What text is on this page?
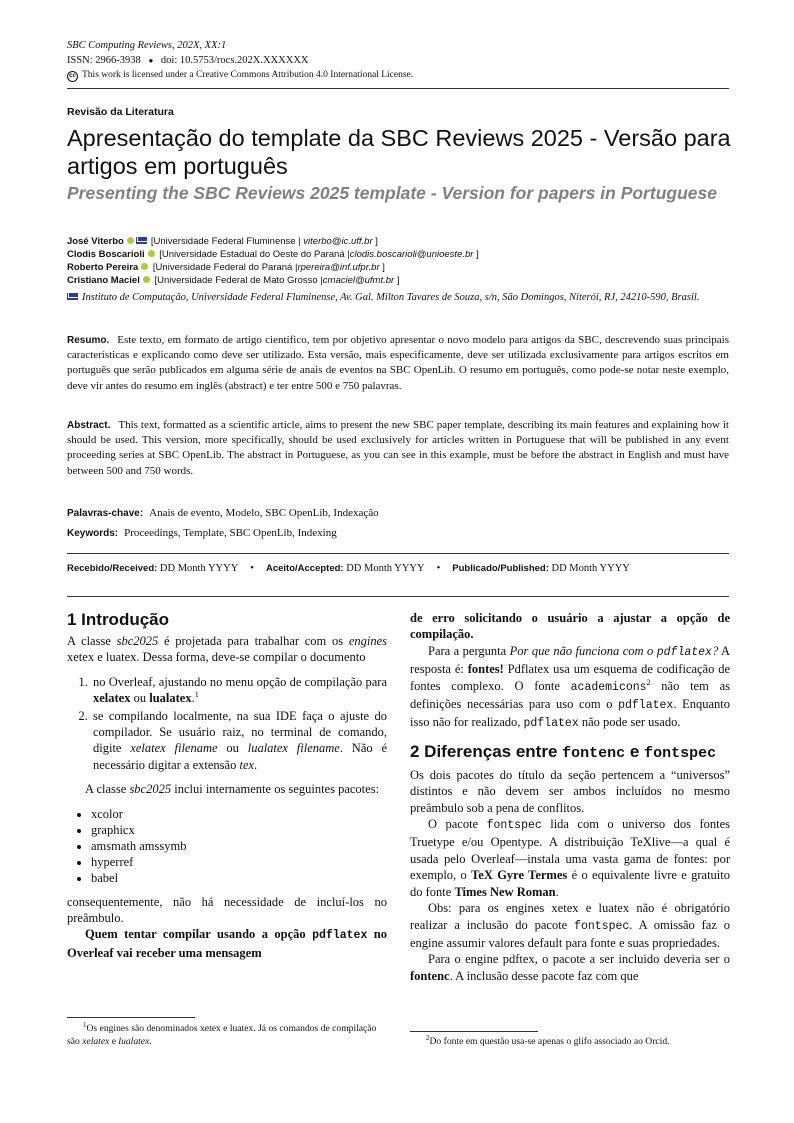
SBC Computing Reviews, 202X, XX:1
ISSN: 2966-3938 ● doi: 10.5753/rocs.202X.XXXXXX
cc This work is licensed under a Creative Commons Attribution 4.0 International License.
Revisão da Literatura
Apresentação do template da SBC Reviews 2025 - Versão para artigos em português
Presenting the SBC Reviews 2025 template - Version for papers in Portuguese
José Viterbo	[Universidade Federal Fluminense | viterbo@ic.uff.br ]
Clodis Boscarioli [Universidade Estadual do Oeste do Paraná |clodis.boscarioli@unioeste.br ]
Roberto Pereira [Universidade Federal do Paraná |rpereira@inf.ufpr.br ]
Cristiano Maciel [Universidade Federal de Mato Grosso |cmaciel@ufmt.br ]
Instituto de Computação, Universidade Federal Fluminense, Av. Gal. Milton Tavares de Souza, s/n, São Domingos, Niterói, RJ, 24210-590, Brasil.
Resumo. Este texto, em formato de artigo científico, tem por objetivo apresentar o novo modelo para artigos da SBC, descrevendo suas principais características e explicando como deve ser utilizado. Esta versão, mais especificamente, deve ser utilizada exclusivamente para artigos escritos em português que serão publicados em alguma série de anais de eventos na SBC OpenLib. O resumo em português, como pode-se notar neste exemplo, deve vir antes do resumo em inglês (abstract) e ter entre 500 e 750 palavras.
Abstract. This text, formatted as a scientific article, aims to present the new SBC paper template, describing its main features and explaining how it should be used. This version, more specifically, should be used exclusively for articles written in Portuguese that will be published in any event proceeding series at SBC OpenLib. The abstract in Portuguese, as you can see in this example, must be before the abstract in English and must have between 500 and 750 words.
Palavras-chave: Anais de evento, Modelo, SBC OpenLib, Indexação
Keywords: Proceedings, Template, SBC OpenLib, Indexing
Recebido/Received: DD Month YYYY • Aceito/Accepted: DD Month YYYY • Publicado/Published: DD Month YYYY
1 Introdução

A classe sbc2025 é projetada para trabalhar com os engines xetex e luatex. Dessa forma, deve-se compilar o documento

1. no Overleaf, ajustando no menu opção de compilação para xelatex ou lualatex.$^1$
2. se compilando localmente, na sua IDE faça o ajuste do compilador. Se usuário raiz, no terminal de comando, digite xelatex filename ou lualatex filename. Não é necessário digitar a extensão tex.

A classe sbc2025 inclui internamente os seguintes pacotes:

• xcolor
• graphicx
• amsmath amssymb
• hyperref
• babel

consequentemente, não há necessidade de incluí-los no preâmbulo.

Quem tentar compilar usando a opção pdflatex no Overleaf vai receber uma mensagem

$^1$Os engines são denominados xetex e luatex. Já os comandos de compilação são xelatex e lualatex.

de erro solicitando o usuário a ajustar a opção de compilação.

Para a pergunta Por que não funciona com o pdflatex? A resposta é: fontes! Pdflatex usa um esquema de codificação de fontes complexo. O fonte academicons$^2$ não tem as definições necessárias para uso com o pdflatex. Enquanto isso não for realizado, pdflatex não pode ser usado.

2 Diferenças entre fontenc e fontspec

Os dois pacotes do título da seção pertencem a “universos” distintos e não devem ser ambos incluídos no mesmo preâmbulo sob a pena de conflitos.

O pacote fontspec lida com o universo dos fontes Truetype e/ou Opentype. A distribuição TeXlive—a qual é usada pelo Overleaf—instala uma vasta gama de fontes: por exemplo, o TeX Gyre Termes é o equivalente livre e gratuito do fonte Times New Roman.

Obs: para os engines xetex e luatex não é obrigatório realizar a inclusão do pacote fontspec. A omissão faz o engine assumir valores default para fonte e suas propriedades.

Para o engine pdftex, o pacote a ser incluido deveria ser o fontenc. A inclusão desse pacote faz com que

$^2$Do fonte em questão usa-se apenas o glifo associado ao Orcid.
